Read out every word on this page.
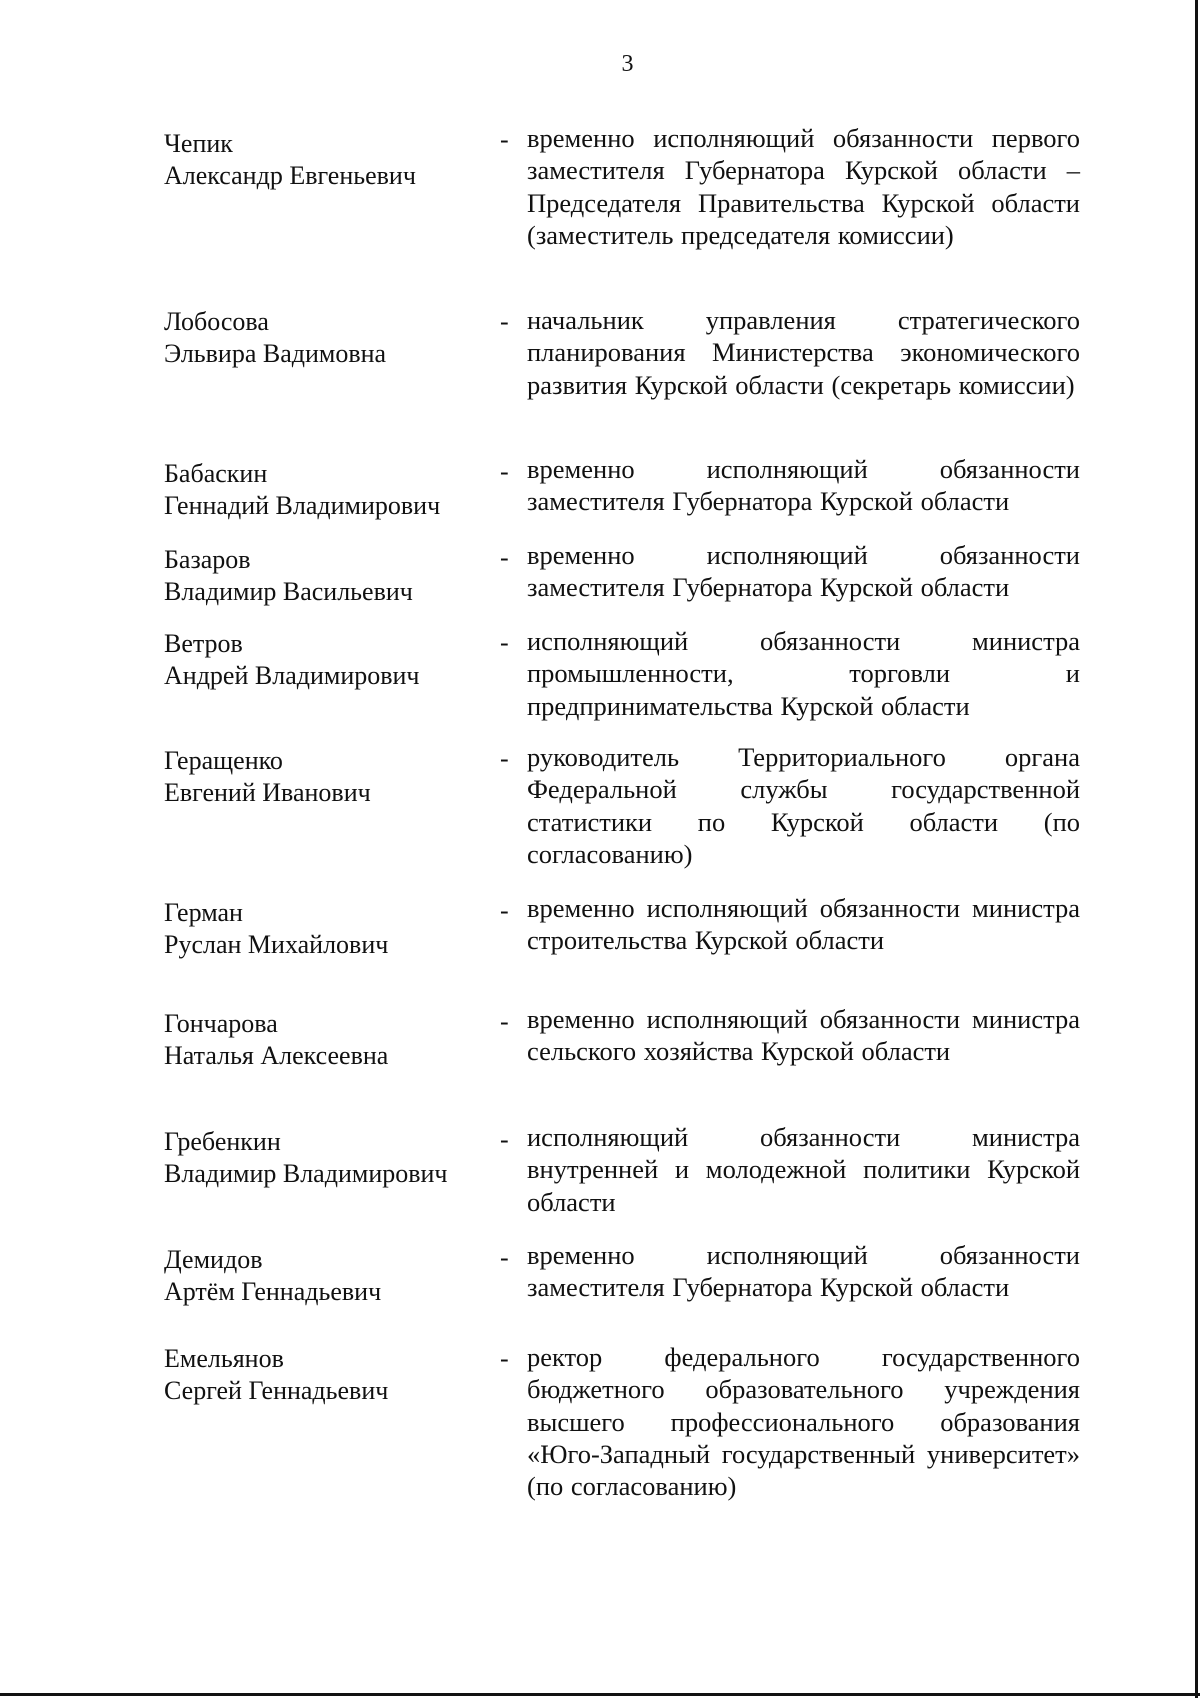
3
Чепик
Александр Евгеньевич
- временно исполняющий обязанности первого заместителя Губернатора Курской области – Председателя Правительства Курской области (заместитель председателя комиссии)
Лобосова
Эльвира Вадимовна
- начальник управления стратегического планирования Министерства экономического развития Курской области (секретарь комиссии)
Бабаскин
Геннадий Владимирович
- временно исполняющий обязанности заместителя Губернатора Курской области
Базаров
Владимир Васильевич
- временно исполняющий обязанности заместителя Губернатора Курской области
Ветров
Андрей Владимирович
- исполняющий обязанности министра промышленности, торговли и предпринимательства Курской области
Геращенко
Евгений Иванович
- руководитель Территориального органа Федеральной службы государственной статистики по Курской области (по согласованию)
Герман
Руслан Михайлович
- временно исполняющий обязанности министра строительства Курской области
Гончарова
Наталья Алексеевна
- временно исполняющий обязанности министра сельского хозяйства Курской области
Гребенкин
Владимир Владимирович
- исполняющий обязанности министра внутренней и молодежной политики Курской области
Демидов
Артём Геннадьевич
- временно исполняющий обязанности заместителя Губернатора Курской области
Емельянов
Сергей Геннадьевич
- ректор федерального государственного бюджетного образовательного учреждения высшего профессионального образования «Юго-Западный государственный университет» (по согласованию)
